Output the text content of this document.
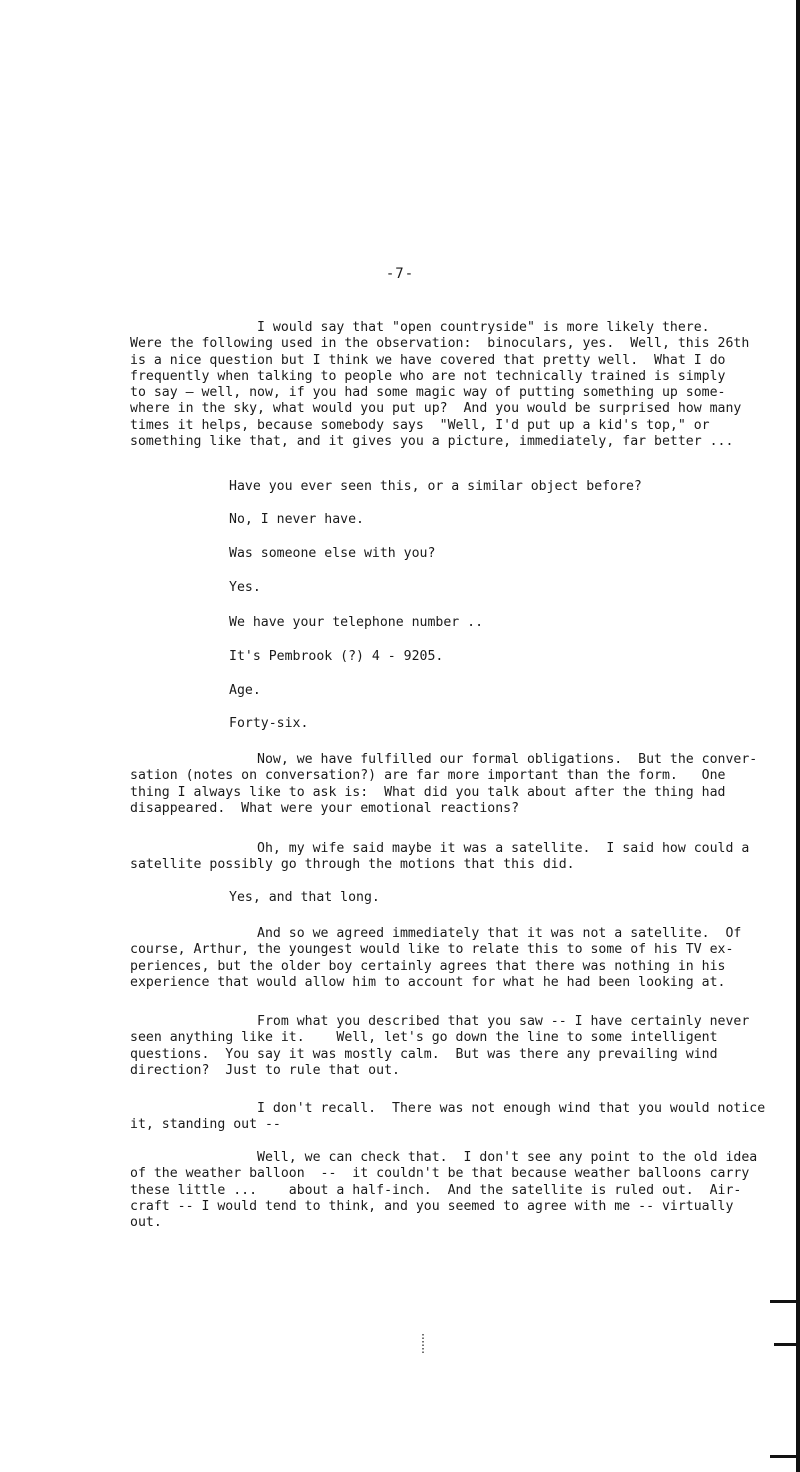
-7-
I would say that "open countryside" is more likely there.
Were the following used in the observation:  binoculars, yes.  Well, this 26th
is a nice question but I think we have covered that pretty well.  What I do
frequently when talking to people who are not technically trained is simply
to say — well, now, if you had some magic way of putting something up some-
where in the sky, what would you put up?  And you would be surprised how many
times it helps, because somebody says  "Well, I'd put up a kid's top," or
something like that, and it gives you a picture, immediately, far better ...
Have you ever seen this, or a similar object before?
No, I never have.
Was someone else with you?
Yes.
We have your telephone number ..
It's Pembrook (?) 4 - 9205.
Age.
Forty-six.
Now, we have fulfilled our formal obligations.  But the conver-
sation (notes on conversation?) are far more important than the form.   One
thing I always like to ask is:  What did you talk about after the thing had
disappeared.  What were your emotional reactions?
Oh, my wife said maybe it was a satellite.  I said how could a
satellite possibly go through the motions that this did.
Yes, and that long.
And so we agreed immediately that it was not a satellite.  Of
course, Arthur, the youngest would like to relate this to some of his TV ex-
periences, but the older boy certainly agrees that there was nothing in his
experience that would allow him to account for what he had been looking at.
From what you described that you saw -- I have certainly never
seen anything like it.    Well, let's go down the line to some intelligent
questions.  You say it was mostly calm.  But was there any prevailing wind
direction?  Just to rule that out.
I don't recall.  There was not enough wind that you would notice
it, standing out --
Well, we can check that.  I don't see any point to the old idea
of the weather balloon  --  it couldn't be that because weather balloons carry
these little ...    about a half-inch.  And the satellite is ruled out.  Air-
craft -- I would tend to think, and you seemed to agree with me -- virtually
out.
:
:
:
